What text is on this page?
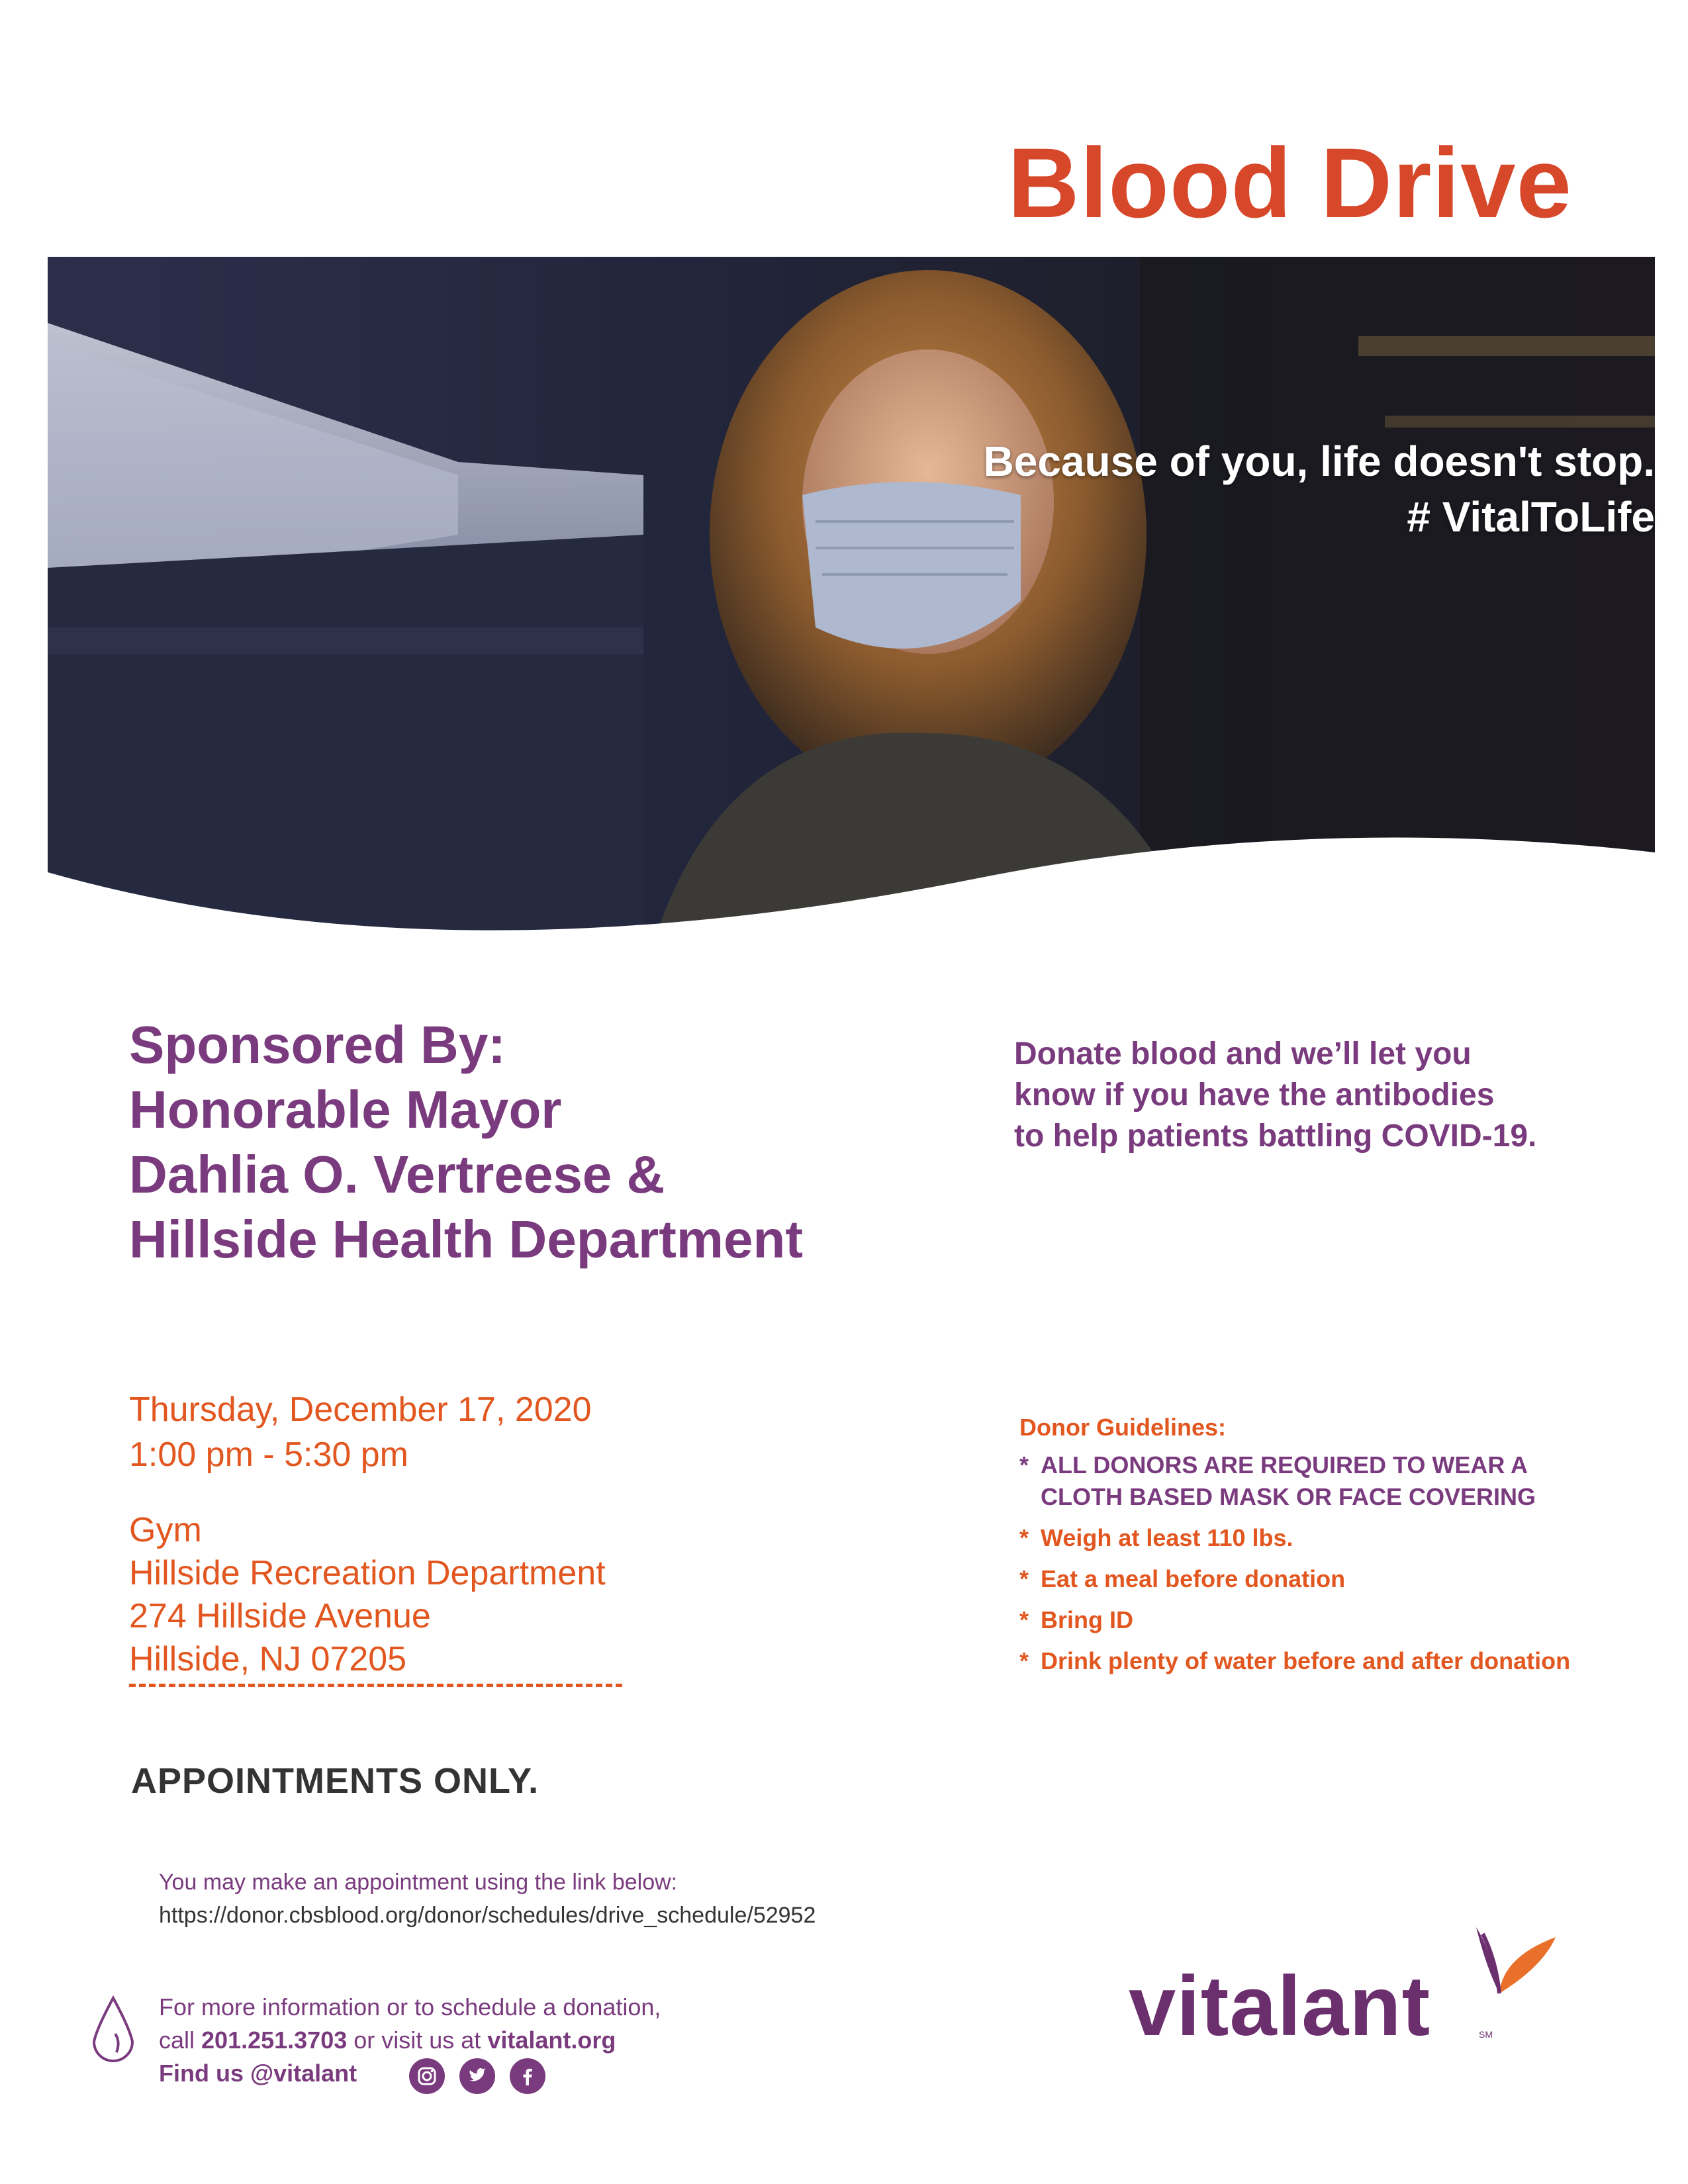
Blood Drive
Because of you, life doesn't stop.
# VitalToLife
Sponsored By:
Honorable Mayor
Dahlia O. Vertreese &
Hillside Health Department
Donate blood and we’ll let you
know if you have the antibodies
to help patients battling COVID-19.
Thursday, December 17, 2020
1:00 pm - 5:30 pm
Gym
Hillside Recreation Department
274 Hillside Avenue
Hillside, NJ 07205
Donor Guidelines:
* ALL DONORS ARE REQUIRED TO WEAR A CLOTH BASED MASK OR FACE COVERING
* Weigh at least 110 lbs.
* Eat a meal before donation
* Bring ID
* Drink plenty of water before and after donation
APPOINTMENTS ONLY.
You may make an appointment using the link below:
https://donor.cbsblood.org/donor/schedules/drive_schedule/52952
For more information or to schedule a donation,
call 201.251.3703 or visit us at vitalant.org
Find us @vitalant
vitalant	SM
